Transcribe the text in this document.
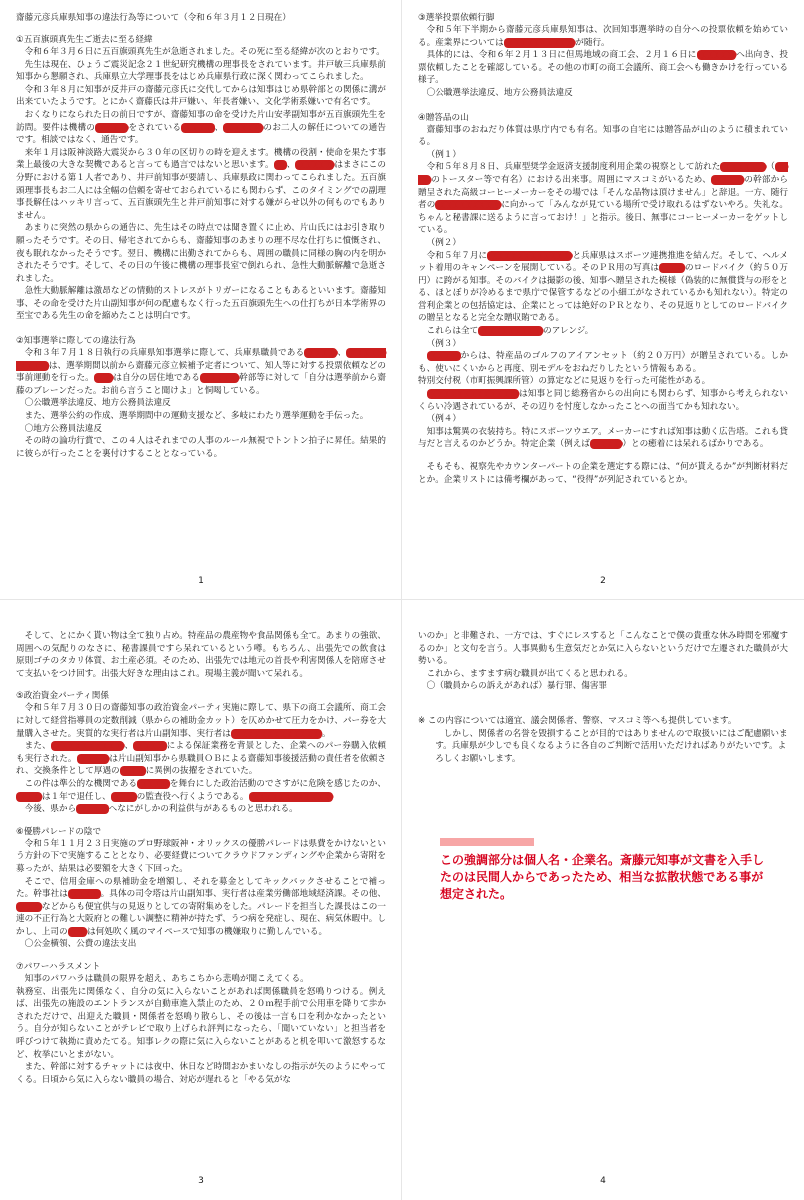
齋藤元彦兵庫県知事の違法行為等について（令和６年３月１２日現在）

①五百旗頭真先生ご逝去に至る経緯

令和６年３月６日に五百旗頭真先生が急逝されました。その死に至る経緯が次のとおりです。

先生は現在、ひょうご震災記念２１世紀研究機構の理事長をされています。井戸敏三兵庫県前知事から懇願され、兵庫県立大学理事長をはじめ兵庫県行政に深く関わってこられました。

令和３年８月に知事が反井戸の齋藤元彦氏に交代してからは知事はじめ県幹部との関係に溝が出来ていたようです。とにかく齋藤氏は井戸嫌い、年長者嫌い、文化学術系嫌いで有名です。

おくなりになられた日の前日ですが、齋藤知事の命を受けた片山安孝副知事が五百旗頭先生を訪問。要件は機構の●●●●●をされている●●●●●、●●●●●●のお二人の解任についての通告です。相談ではなく、通告です。

来年１月は阪神淡路大震災から３０年の区切りの時を迎えます。機構の役割・使命を果たす事業上最後の大きな契機であると言っても過言ではないと思います。●●、●●●●●●はまさにこの分野における第１人者であり、井戸前知事が要請し、兵庫県政に関わってこられました。五百旗頭理事長もお二人には全幅の信頼を寄せておられているにも関わらず、このタイミングでの副理事長解任はハッキリ言って、五百旗頭先生と井戸前知事に対する嫌がらせ以外の何ものでもありません。

あまりに突然の県からの通告に、先生はその時点では聞き置くに止め、片山氏にはお引き取り願ったそうです。その日、帰宅されてからも、齋藤知事のあまりの理不尽な仕打ちに憤慨され、夜も眠れなかったそうです。翌日、機構に出勤されてからも、周囲の職員に同様の胸の内を明かされたそうです。そして、その日の午後に機構の理事長室で倒れられ、急性大動脈解離で急逝されました。

急性大動脈解離は激昂などの情動的ストレスがトリガーになることもあるといいます。齋藤知事、その命を受けた片山副知事が何の配慮もなく行った五百旗頭先生への仕打ちが日本学術界の至宝である先生の命を縮めたことは明白です。

②知事選挙に際しての違法行為

令和３年７月１８日執行の兵庫県知事選挙に際して、兵庫県職員である●●●●●、●●●●●●●●●●●は、選挙期間以前から齋藤元彦立候補予定者について、知人等に対する投票依頼などの事前運動を行った。●●●は自分の居住地である●●●●●●幹部等に対して「自分は選挙前から齋藤のブレーンだった。お前ら言うこと聞けよ」と恫喝している。

〇公職選挙法違反、地方公務員法違反

また、選挙公約の作成、選挙期間中の運動支援など、多岐にわたり選挙運動を手伝った。

〇地方公務員法違反

その時の論功行賞で、この４人はそれまでの人事のルール無視でトントン拍子に昇任。結果的に彼らが行ったことを裏付けすることとなっている。

1

③選挙投票依頼行脚

令和５年下半期から齋藤元彦兵庫県知事は、次回知事選挙時の自分への投票依頼を始めている。産業界については●●●●●●●●●●●が随行。

具体的には、令和６年２月１３日に但馬地域の商工会、２月１６日に●●●●●●へ出向き、投票依頼したことを確認している。その他の市町の商工会議所、商工会へも働きかけを行っている様子。

〇公職選挙法違反、地方公務員法違反

④贈答品の山

齋藤知事のおねだり体質は県庁内でも有名。知事の自宅には贈答品が山のように積まれている。

（例１）

令和５年８月８日、兵庫型奨学金返済支援制度利用企業の視察として訪れた●●●●●●●（●●●●のトースター等で有名）における出来事。周囲にマスコミがいるため、●●●●●の幹部から贈呈された高級コーヒーメーカーをその場では「そんな品物は頂けません」と辞退。一方、随行者の●●●●●●●●●●に向かって「みんなが見ている場所で受け取れるはずないやろ。失礼な。ちゃんと秘書課に送るように言っておけ！」と指示。後日、無事にコーヒーメーカーをゲットしている。

（例２）

令和５年７月に●●●●●●●●●●●●●と兵庫県はスポーツ連携推進を結んだ。そして、ヘルメット着用のキャンペーンを展開している。そのＰＲ用の写真は●●●●のロードバイク（約５０万円）に跨がる知事。そのバイクは撮影の後、知事へ贈呈された模様（偽装的に無償貸与の形をとる、ほとぼりが冷めるまで県庁で保管するなどの小細工がなされているかも知れない）。特定の営利企業との包括協定は、企業にとっては絶好のＰＲとなり、その見返りとしてのロードバイクの贈呈となると完全な贈収賄である。

これらは全て●●●●●●●●●●のアレンジ。

（例３）

●●●●●からは、特産品のゴルフのアイアンセット（約２０万円）が贈呈されている。しかも、使いにくいからと再度、別モデルをおねだりしたという情報もある。

特別交付税（市町振興課所管）の算定などに見返りを行った可能性がある。

●●●●●●●●●●●●●●は知事と同じ総務省からの出向にも関わらず、知事から考えられないくらい冷遇されているが、その辺りを忖度しなかったことへの面当てかも知れない。

（例４）

知事は驚異の衣装持ち。特にスポーツウエア。メーカーにすれば知事は動く広告塔。これも貸与だと言えるのかどうか。特定企業（例えば●●●●●）との癒着には呆れるばかりである。

そもそも、視察先やカウンターパートの企業を選定する際には、“何が貰えるか”が判断材料だとか。企業リストには備考欄があって、“役得”が列記されているとか。

2

そして、とにかく貰い物は全て独り占め。特産品の農産物や食品関係も全て。あまりの強欲、周囲への気配りのなさに、秘書課員ですら呆れているという噂。もちろん、出張先での飲食は原則ゴチのタカリ体質、お土産必須。そのため、出張先では地元の首長や利害関係人を陪席させて支払いをつけ回す。出張大好きな理由はこれ。現場主義が聞いて呆れる。

⑤政治資金パーティ関係

令和５年７月３０日の齋藤知事の政治資金パーティ実施に際して、県下の商工会議所、商工会に対して経営指導員の定数削減（県からの補助金カット）を仄めかせて圧力をかけ、パー券を大量購入させた。実質的な実行者は片山副知事、実行者は●●●●●●●●●●●●●●。

また、●●●●●●●●●●●、●●●●●による保証業務を背景とした、企業へのパー券購入依頼も実行された。●●●●●は片山副知事から県職員ＯＢによる齋藤知事後援活動の責任者を依頼され、交換条件として厚遇の●●●●に異例の抜擢をされていた。

この件は準公的な機関である●●●●●を舞台にした政治活動のでさすがに危険を感じたのか、●●●●は１年で退任し、●●●●の監査役へ行くようである。●●●●●●●●●●●●●

今後、県から●●●●●へなにがしかの利益供与があるものと思われる。

⑥優勝パレードの陰で

令和５年１１月２３日実施のプロ野球阪神・オリックスの優勝パレードは県費をかけないという方針の下で実施することとなり、必要経費についてクラウドファンディングや企業から寄附を募ったが、結果は必要額を大きく下回った。

そこで、信用金庫への県補助金を増額し、それを募金としてキックバックさせることで補った。幹事社は●●●●●。具体の司令塔は片山副知事、実行者は産業労働部地域経済課。その他、●●●●などからも便宜供与の見返りとしての寄附集めをした。パレードを担当した課長はこの一連の不正行為と大阪府との難しい調整に精神が持たず、うつ病を発症し、現在、病気休暇中。しかし、上司の●●●は何処吹く風のマイペースで知事の機嫌取りに勤しんでいる。

〇公金横領、公費の違法支出

⑦パワーハラスメント

知事のパワハラは職員の限界を超え、あちこちから悲鳴が聞こえてくる。

執務室、出張先に関係なく、自分の気に入らないことがあれば関係職員を怒鳴りつける。例えば、出張先の施設のエントランスが自動車進入禁止のため、２０ｍ程手前で公用車を降りて歩かされただけで、出迎えた職員・関係者を怒鳴り散らし、その後は一言も口を利かなかったという。自分が知らないことがテレビで取り上げられ評判になったら、「聞いていない」と担当者を呼びつけて執拗に責めたてる。知事レクの際に気に入らないことがあると机を叩いて激怒するなど、枚挙にいとまがない。

また、幹部に対するチャットには夜中、休日など時間おかまいなしの指示が矢のようにやってくる。日頃から気に入らない職員の場合、対応が遅れると「やる気がな

3

いのか」と非難され、一方では、すぐにレスすると「こんなことで僕の貴重な休み時間を邪魔するのか」と文句を言う。人事異動も生意気だとか気に入らないというだけで左遷された職員が大勢いる。

これから、ますます病む職員が出てくると思われる。

〇（職員からの訴えがあれば）暴行罪、傷害罪

※ この内容については適宜、議会関係者、警察、マスコミ等へも提供しています。

しかし、関係者の名誉を毀損することが目的ではありませんので取扱いにはご配慮願います。兵庫県が少しでも良くなるように各自のご判断で活用いただければありがたいです。よろしくお願いします。

4

この強調部分は個人名・企業名。斎藤元知事が文書を入手したのは民間人からであったため、相当な拡散状態である事が想定された。
